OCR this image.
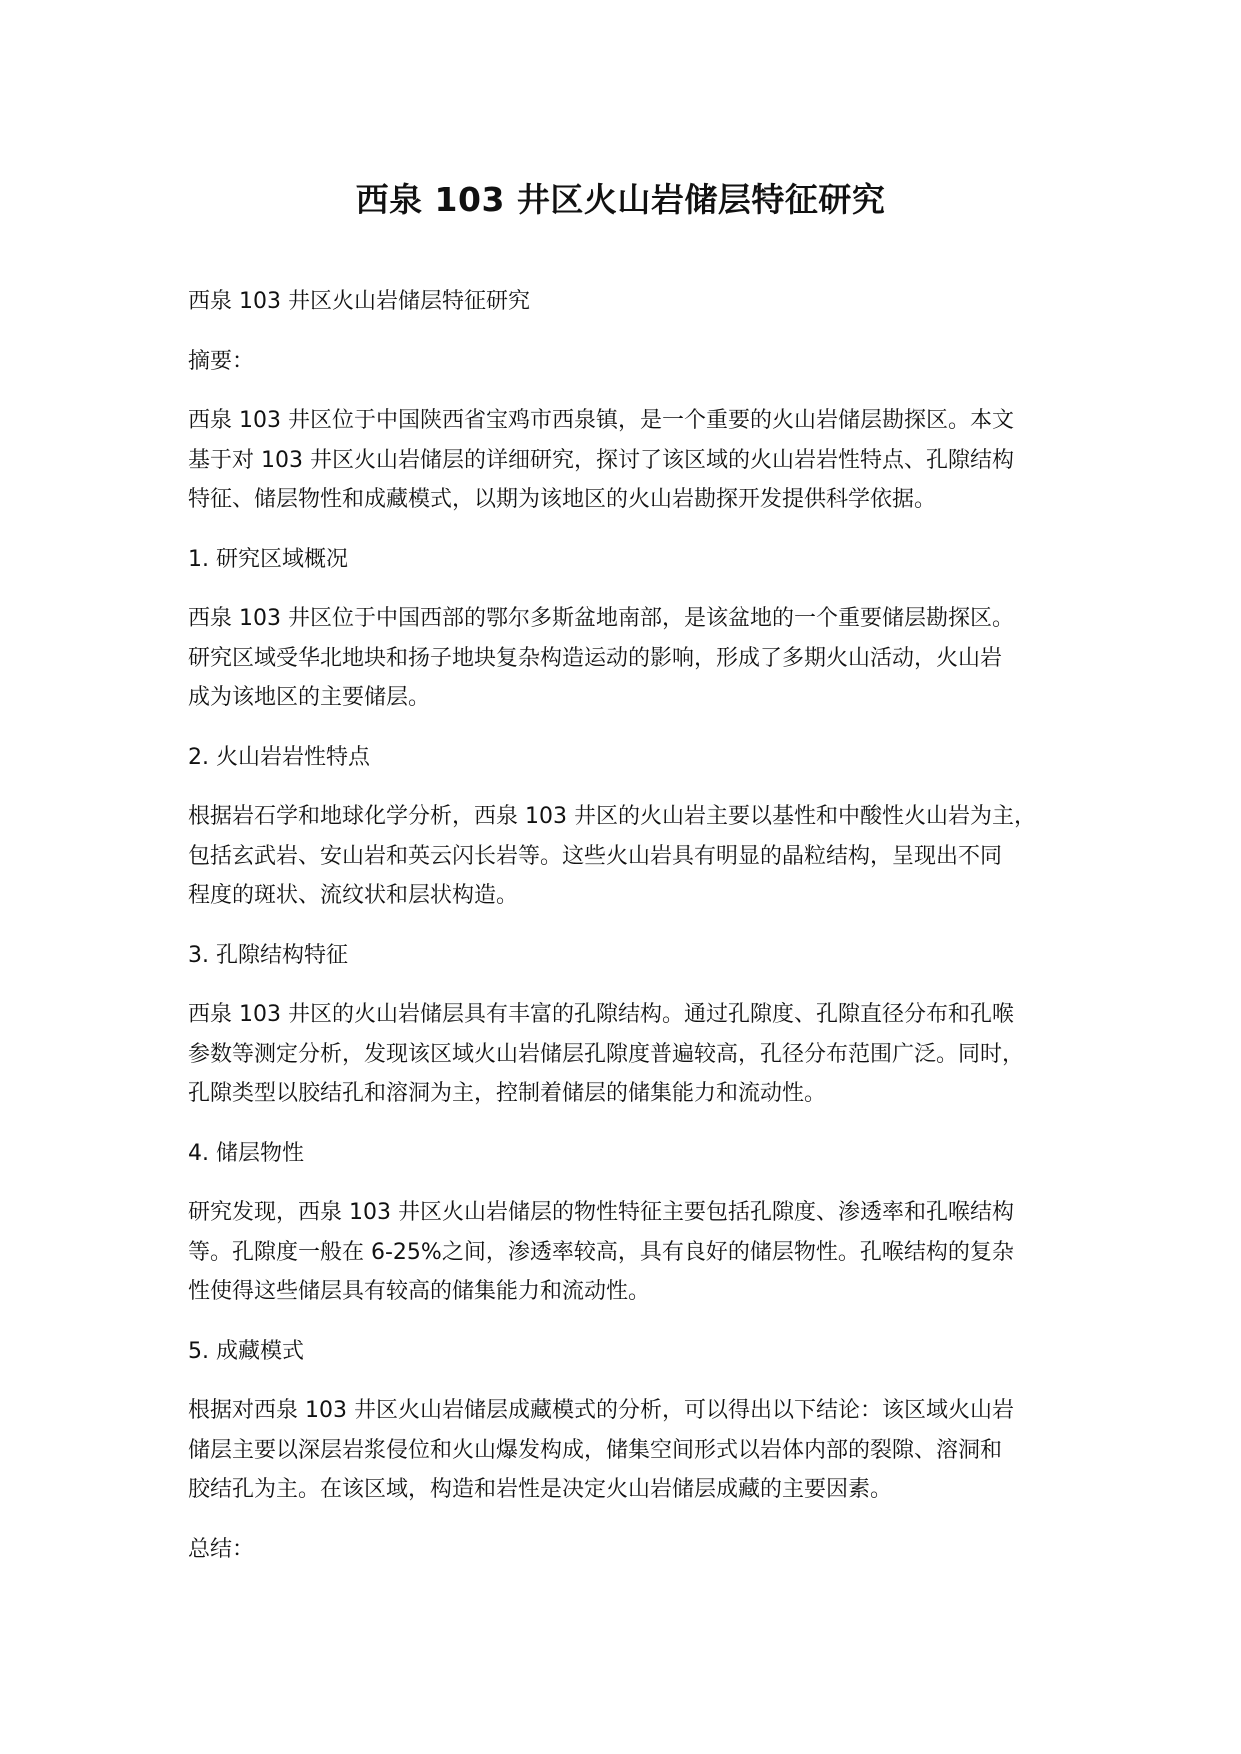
西泉 103 井区火山岩储层特征研究

西泉 103 井区火山岩储层特征研究

摘要：

西泉 103 井区位于中国陕西省宝鸡市西泉镇，是一个重要的火山岩储层勘探区。本文
基于对 103 井区火山岩储层的详细研究，探讨了该区域的火山岩岩性特点、孔隙结构
特征、储层物性和成藏模式，以期为该地区的火山岩勘探开发提供科学依据。

1. 研究区域概况

西泉 103 井区位于中国西部的鄂尔多斯盆地南部，是该盆地的一个重要储层勘探区。
研究区域受华北地块和扬子地块复杂构造运动的影响，形成了多期火山活动，火山岩
成为该地区的主要储层。

2. 火山岩岩性特点

根据岩石学和地球化学分析，西泉 103 井区的火山岩主要以基性和中酸性火山岩为主，
包括玄武岩、安山岩和英云闪长岩等。这些火山岩具有明显的晶粒结构，呈现出不同
程度的斑状、流纹状和层状构造。

3. 孔隙结构特征

西泉 103 井区的火山岩储层具有丰富的孔隙结构。通过孔隙度、孔隙直径分布和孔喉
参数等测定分析，发现该区域火山岩储层孔隙度普遍较高，孔径分布范围广泛。同时，
孔隙类型以胶结孔和溶洞为主，控制着储层的储集能力和流动性。

4. 储层物性

研究发现，西泉 103 井区火山岩储层的物性特征主要包括孔隙度、渗透率和孔喉结构
等。孔隙度一般在 6-25%之间，渗透率较高，具有良好的储层物性。孔喉结构的复杂
性使得这些储层具有较高的储集能力和流动性。

5. 成藏模式

根据对西泉 103 井区火山岩储层成藏模式的分析，可以得出以下结论：该区域火山岩
储层主要以深层岩浆侵位和火山爆发构成，储集空间形式以岩体内部的裂隙、溶洞和
胶结孔为主。在该区域，构造和岩性是决定火山岩储层成藏的主要因素。

总结：
